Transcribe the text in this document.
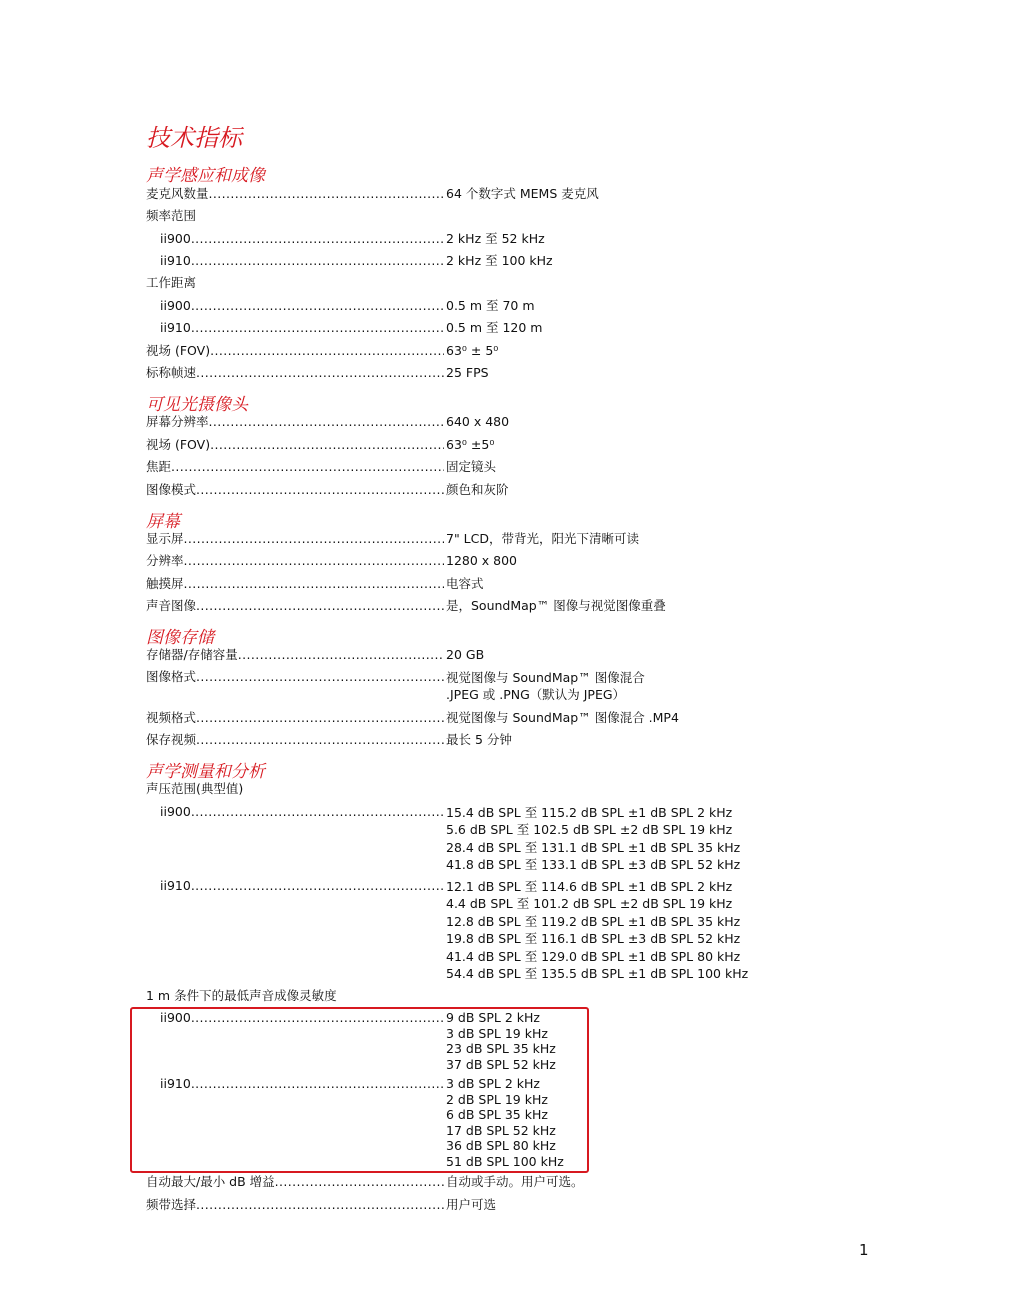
技术指标
声学感应和成像
麦克风数量 .....	64 个数字式 MEMS 麦克风
频率范围
ii900 .....	2 kHz 至 52 kHz
ii910 .....	2 kHz 至 100 kHz
工作距离
ii900 .....	0.5 m 至 70 m
ii910 .....	0.5 m 至 120 m
视场 (FOV) .....	63⁰ ± 5⁰
标称帧速 .....	25 FPS
可见光摄像头
屏幕分辨率 .....	640 x 480
视场 (FOV) .....	63⁰ ±5⁰
焦距 .....	固定镜头
图像模式 .....	颜色和灰阶
屏幕
显示屏 .....	7" LCD，带背光，阳光下清晰可读
分辨率 .....	1280 x 800
触摸屏 .....	电容式
声音图像 .....	是，SoundMap™ 图像与视觉图像重叠
图像存储
存储器/存储容量 .....	20 GB
图像格式 .....	视觉图像与 SoundMap™ 图像混合
.JPEG 或 .PNG（默认为 JPEG）
视频格式 .....	视觉图像与 SoundMap™ 图像混合 .MP4
保存视频 .....	最长 5 分钟
声学测量和分析
声压范围(典型值)
ii900 .....	15.4 dB SPL 至 115.2 dB SPL ±1 dB SPL 2 kHz
5.6 dB SPL 至 102.5 dB SPL ±2 dB SPL 19 kHz
28.4 dB SPL 至 131.1 dB SPL ±1 dB SPL 35 kHz
41.8 dB SPL 至 133.1 dB SPL ±3 dB SPL 52 kHz
ii910 .....	12.1 dB SPL 至 114.6 dB SPL ±1 dB SPL 2 kHz
4.4 dB SPL 至 101.2 dB SPL ±2 dB SPL 19 kHz
12.8 dB SPL 至 119.2 dB SPL ±1 dB SPL 35 kHz
19.8 dB SPL 至 116.1 dB SPL ±3 dB SPL 52 kHz
41.4 dB SPL 至 129.0 dB SPL ±1 dB SPL 80 kHz
54.4 dB SPL 至 135.5 dB SPL ±1 dB SPL 100 kHz
1 m 条件下的最低声音成像灵敏度
ii900 .....	9 dB SPL 2 kHz
3 dB SPL 19 kHz
23 dB SPL 35 kHz
37 dB SPL 52 kHz
ii910 .....	3 dB SPL 2 kHz
2 dB SPL 19 kHz
6 dB SPL 35 kHz
17 dB SPL 52 kHz
36 dB SPL 80 kHz
51 dB SPL 100 kHz
自动最大/最小 dB 增益 .....	自动或手动。用户可选。
频带选择 .....	用户可选
1
